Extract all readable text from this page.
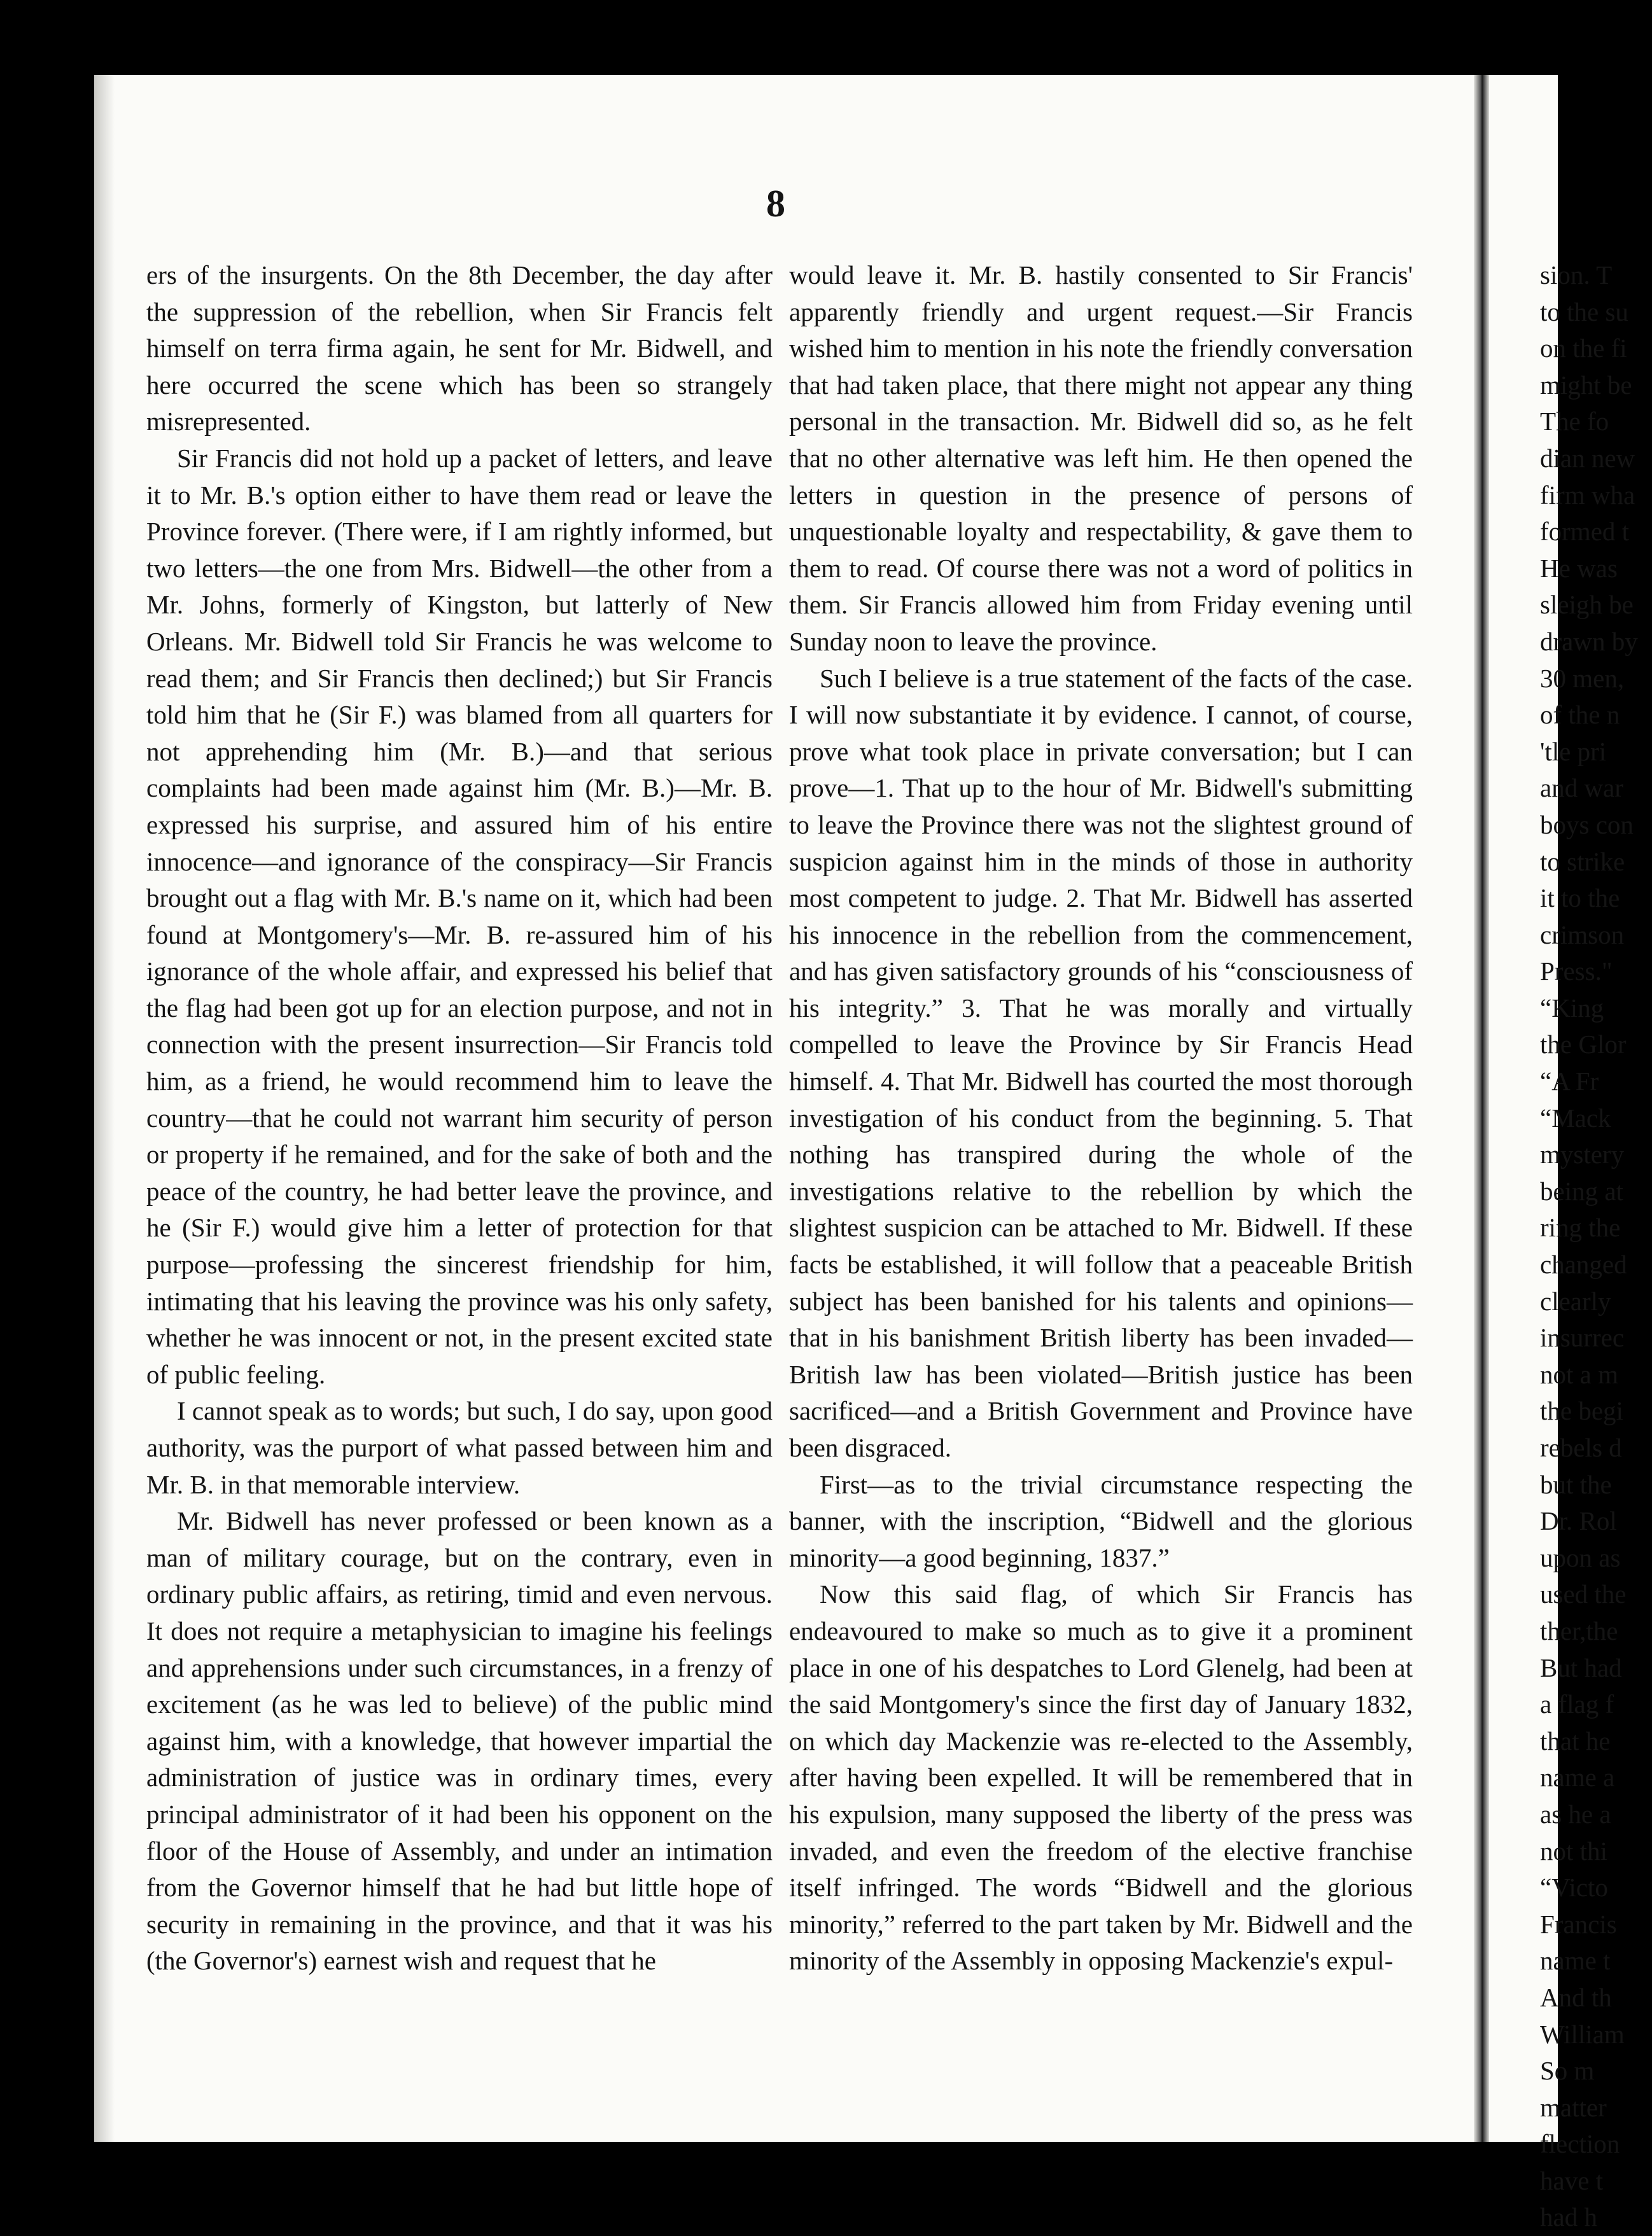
8

ers of the insurgents. On the 8th December, the day after the suppression of the rebellion, when Sir Francis felt himself on terra firma again, he sent for Mr. Bidwell, and here occurred the scene which has been so strangely misrepresented.

Sir Francis did not hold up a packet of letters, and leave it to Mr. B.'s option either to have them read or leave the Province forever. (There were, if I am rightly informed, but two letters—the one from Mrs. Bidwell—the other from a Mr. Johns, formerly of Kingston, but latterly of New Orleans. Mr. Bidwell told Sir Francis he was welcome to read them; and Sir Francis then declined;) but Sir Francis told him that he (Sir F.) was blamed from all quarters for not apprehending him (Mr. B.)—and that serious complaints had been made against him (Mr. B.)—Mr. B. expressed his surprise, and assured him of his entire innocence—and ignorance of the conspiracy—Sir Francis brought out a flag with Mr. B.'s name on it, which had been found at Montgomery's—Mr. B. re-assured him of his ignorance of the whole affair, and expressed his belief that the flag had been got up for an election purpose, and not in connection with the present insurrection—Sir Francis told him, as a friend, he would recommend him to leave the country—that he could not warrant him security of person or property if he remained, and for the sake of both and the peace of the country, he had better leave the province, and he (Sir F.) would give him a letter of protection for that purpose—professing the sincerest friendship for him, intimating that his leaving the province was his only safety, whether he was innocent or not, in the present excited state of public feeling.

I cannot speak as to words; but such, I do say, upon good authority, was the purport of what passed between him and Mr. B. in that memorable interview.

Mr. Bidwell has never professed or been known as a man of military courage, but on the contrary, even in ordinary public affairs, as retiring, timid and even nervous. It does not require a metaphysician to imagine his feelings and apprehensions under such circumstances, in a frenzy of excitement (as he was led to believe) of the public mind against him, with a knowledge, that however impartial the administration of justice was in ordinary times, every principal administrator of it had been his opponent on the floor of the House of Assembly, and under an intimation from the Governor himself that he had but little hope of security in remaining in the province, and that it was his (the Governor's) earnest wish and request that he

would leave it. Mr. B. hastily consented to Sir Francis' apparently friendly and urgent request.—Sir Francis wished him to mention in his note the friendly conversation that had taken place, that there might not appear any thing personal in the transaction. Mr. Bidwell did so, as he felt that no other alternative was left him. He then opened the letters in question in the presence of persons of unquestionable loyalty and respectability, & gave them to them to read. Of course there was not a word of politics in them. Sir Francis allowed him from Friday evening until Sunday noon to leave the province.

Such I believe is a true statement of the facts of the case. I will now substantiate it by evidence. I cannot, of course, prove what took place in private conversation; but I can prove—1. That up to the hour of Mr. Bidwell's submitting to leave the Province there was not the slightest ground of suspicion against him in the minds of those in authority most competent to judge. 2. That Mr. Bidwell has asserted his innocence in the rebellion from the commencement, and has given satisfactory grounds of his “consciousness of his integrity.” 3. That he was morally and virtually compelled to leave the Province by Sir Francis Head himself. 4. That Mr. Bidwell has courted the most thorough investigation of his conduct from the beginning. 5. That nothing has transpired during the whole of the investigations relative to the rebellion by which the slightest suspicion can be attached to Mr. Bidwell. If these facts be established, it will follow that a peaceable British subject has been banished for his talents and opinions—that in his banishment British liberty has been invaded—British law has been violated—British justice has been sacrificed—and a British Government and Province have been disgraced.

First—as to the trivial circumstance respecting the banner, with the inscription, “Bidwell and the glorious minority—a good beginning, 1837.”

Now this said flag, of which Sir Francis has endeavoured to make so much as to give it a prominent place in one of his despatches to Lord Glenelg, had been at the said Montgomery's since the first day of January 1832, on which day Mackenzie was re-elected to the Assembly, after having been expelled. It will be remembered that in his expulsion, many supposed the liberty of the press was invaded, and even the freedom of the elective franchise itself infringed. The words “Bidwell and the glorious minority,” referred to the part taken by Mr. Bidwell and the minority of the Assembly in opposing Mackenzie's expul-

sion. T

to the su

on the fi

might be

The fo

dian new

firm wha

formed t

He was

sleigh be

drawn by

30 men,

of the n

'tle pri

and war

boys con

to strike

it to the

crimson

Press."

“King

the Glor

“A Fr

“Mack

mystery

being at

ring the

changed

clearly

insurrec

not a m

the begi

rebels d

but the

Dr. Rol

upon as

used the

ther,the

But had

a flag f

that he

name a

as he a

not thi

“Victo

Francis

name t

And th

William

So m

matter

flection

have t

had h
